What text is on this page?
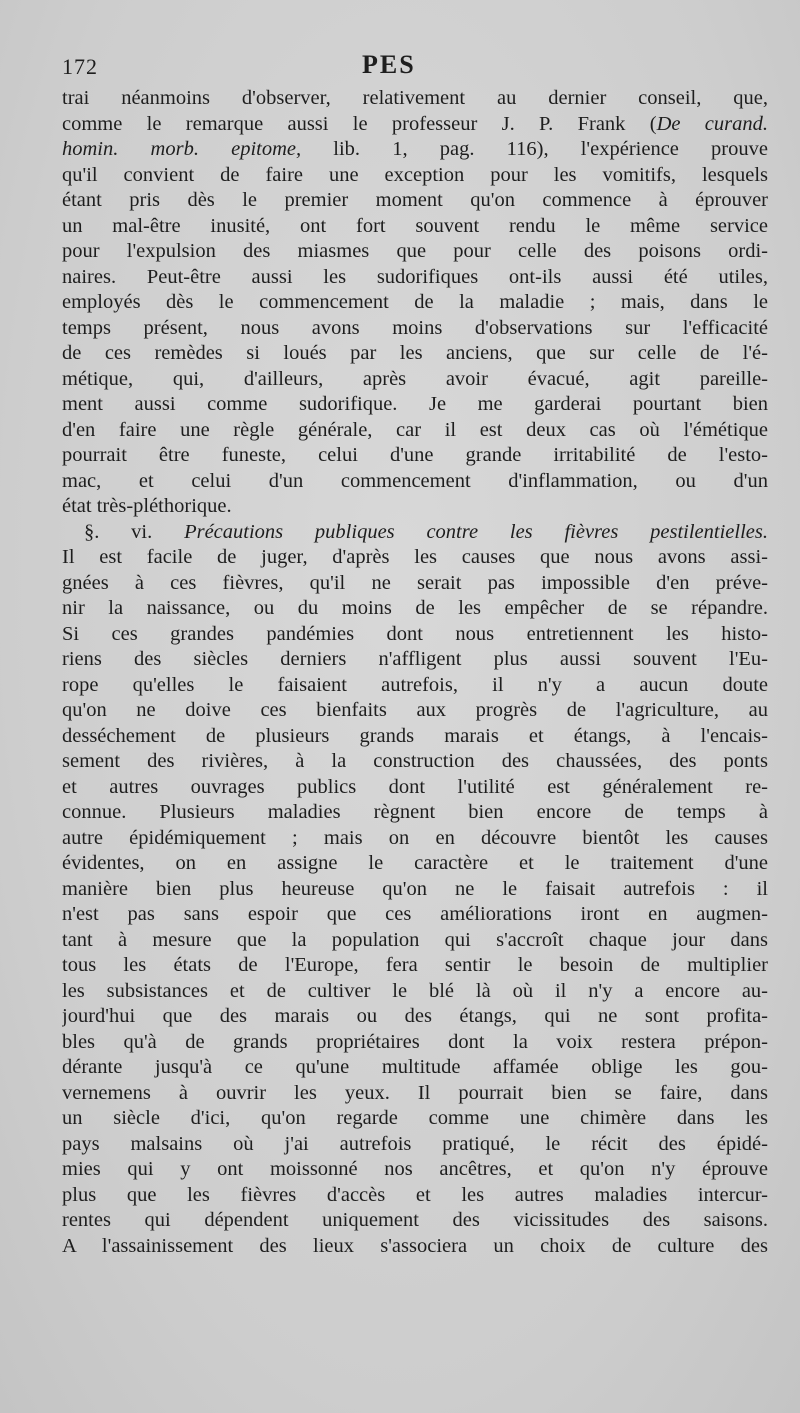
172	PES
trai néanmoins d'observer, relativement au dernier conseil, que,
comme le remarque aussi le professeur J. P. Frank (De curand.
homin. morb. epitome, lib. 1, pag. 116), l'expérience prouve
qu'il convient de faire une exception pour les vomitifs, lesquels
étant pris dès le premier moment qu'on commence à éprouver
un mal-être inusité, ont fort souvent rendu le même service
pour l'expulsion des miasmes que pour celle des poisons ordi-
naires. Peut-être aussi les sudorifiques ont-ils aussi été utiles,
employés dès le commencement de la maladie ; mais, dans le
temps présent, nous avons moins d'observations sur l'efficacité
de ces remèdes si loués par les anciens, que sur celle de l'é-
métique, qui, d'ailleurs, après avoir évacué, agit pareille-
ment aussi comme sudorifique. Je me garderai pourtant bien
d'en faire une règle générale, car il est deux cas où l'émétique
pourrait être funeste, celui d'une grande irritabilité de l'esto-
mac, et celui d'un commencement d'inflammation, ou d'un
état très-pléthorique.
§. vi. Précautions publiques contre les fièvres pestilentielles.
Il est facile de juger, d'après les causes que nous avons assi-
gnées à ces fièvres, qu'il ne serait pas impossible d'en préve-
nir la naissance, ou du moins de les empêcher de se répandre.
Si ces grandes pandémies dont nous entretiennent les histo-
riens des siècles derniers n'affligent plus aussi souvent l'Eu-
rope qu'elles le faisaient autrefois, il n'y a aucun doute
qu'on ne doive ces bienfaits aux progrès de l'agriculture, au
desséchement de plusieurs grands marais et étangs, à l'encais-
sement des rivières, à la construction des chaussées, des ponts
et autres ouvrages publics dont l'utilité est généralement re-
connue. Plusieurs maladies règnent bien encore de temps à
autre épidémiquement ; mais on en découvre bientôt les causes
évidentes, on en assigne le caractère et le traitement d'une
manière bien plus heureuse qu'on ne le faisait autrefois : il
n'est pas sans espoir que ces améliorations iront en augmen-
tant à mesure que la population qui s'accroît chaque jour dans
tous les états de l'Europe, fera sentir le besoin de multiplier
les subsistances et de cultiver le blé là où il n'y a encore au-
jourd'hui que des marais ou des étangs, qui ne sont profita-
bles qu'à de grands propriétaires dont la voix restera prépon-
dérante jusqu'à ce qu'une multitude affamée oblige les gou-
vernemens à ouvrir les yeux. Il pourrait bien se faire, dans
un siècle d'ici, qu'on regarde comme une chimère dans les
pays malsains où j'ai autrefois pratiqué, le récit des épidé-
mies qui y ont moissonné nos ancêtres, et qu'on n'y éprouve
plus que les fièvres d'accès et les autres maladies intercur-
rentes qui dépendent uniquement des vicissitudes des saisons.
A l'assainissement des lieux s'associera un choix de culture des
